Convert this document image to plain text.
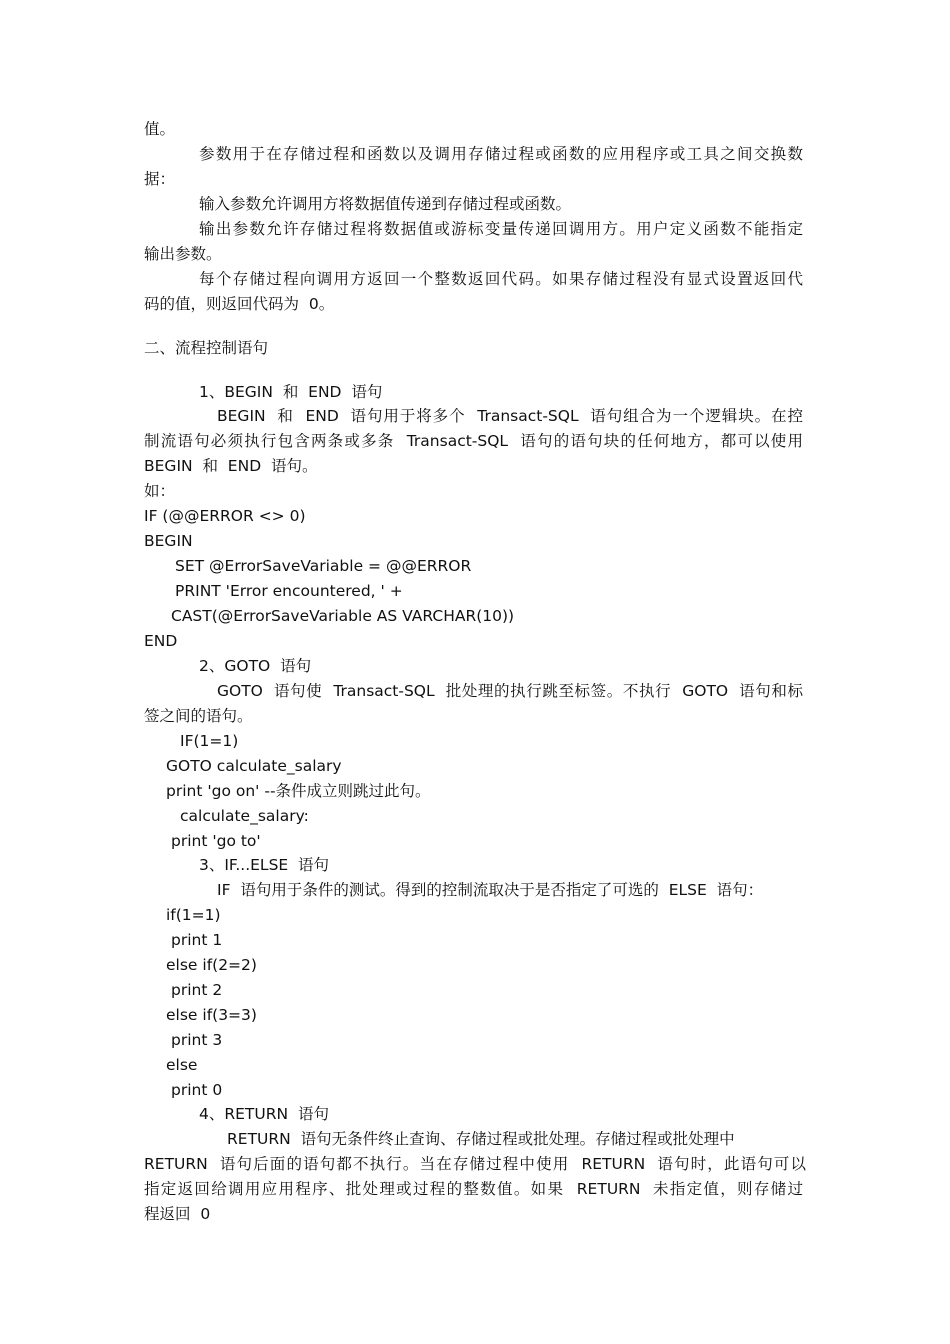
值。
参数用于在存储过程和函数以及调用存储过程或函数的应用程序或工具之间交换数
据：
输入参数允许调用方将数据值传递到存储过程或函数。
输出参数允许存储过程将数据值或游标变量传递回调用方。用户定义函数不能指定
输出参数。
每个存储过程向调用方返回一个整数返回代码。如果存储过程没有显式设置返回代
码的值，则返回代码为  0。
二、流程控制语句
1、BEGIN  和  END  语句
BEGIN  和  END  语句用于将多个  Transact-SQL  语句组合为一个逻辑块。在控
制流语句必须执行包含两条或多条  Transact-SQL  语句的语句块的任何地方，都可以使用
BEGIN  和  END  语句。
如：
IF (@@ERROR <> 0)
BEGIN
SET @ErrorSaveVariable = @@ERROR
PRINT 'Error encountered, ' +
CAST(@ErrorSaveVariable AS VARCHAR(10))
END
2、GOTO  语句
GOTO  语句使  Transact-SQL  批处理的执行跳至标签。不执行  GOTO  语句和标
签之间的语句。
IF(1=1)
GOTO calculate_salary
print 'go on' --条件成立则跳过此句。
calculate_salary:
print 'go to'
3、IF...ELSE  语句
IF  语句用于条件的测试。得到的控制流取决于是否指定了可选的  ELSE  语句：
if(1=1)
print 1
else if(2=2)
print 2
else if(3=3)
print 3
else
print 0
4、RETURN  语句
RETURN  语句无条件终止查询、存储过程或批处理。存储过程或批处理中
RETURN  语句后面的语句都不执行。当在存储过程中使用  RETURN  语句时，此语句可以
指定返回给调用应用程序、批处理或过程的整数值。如果  RETURN  未指定值，则存储过
程返回  0
